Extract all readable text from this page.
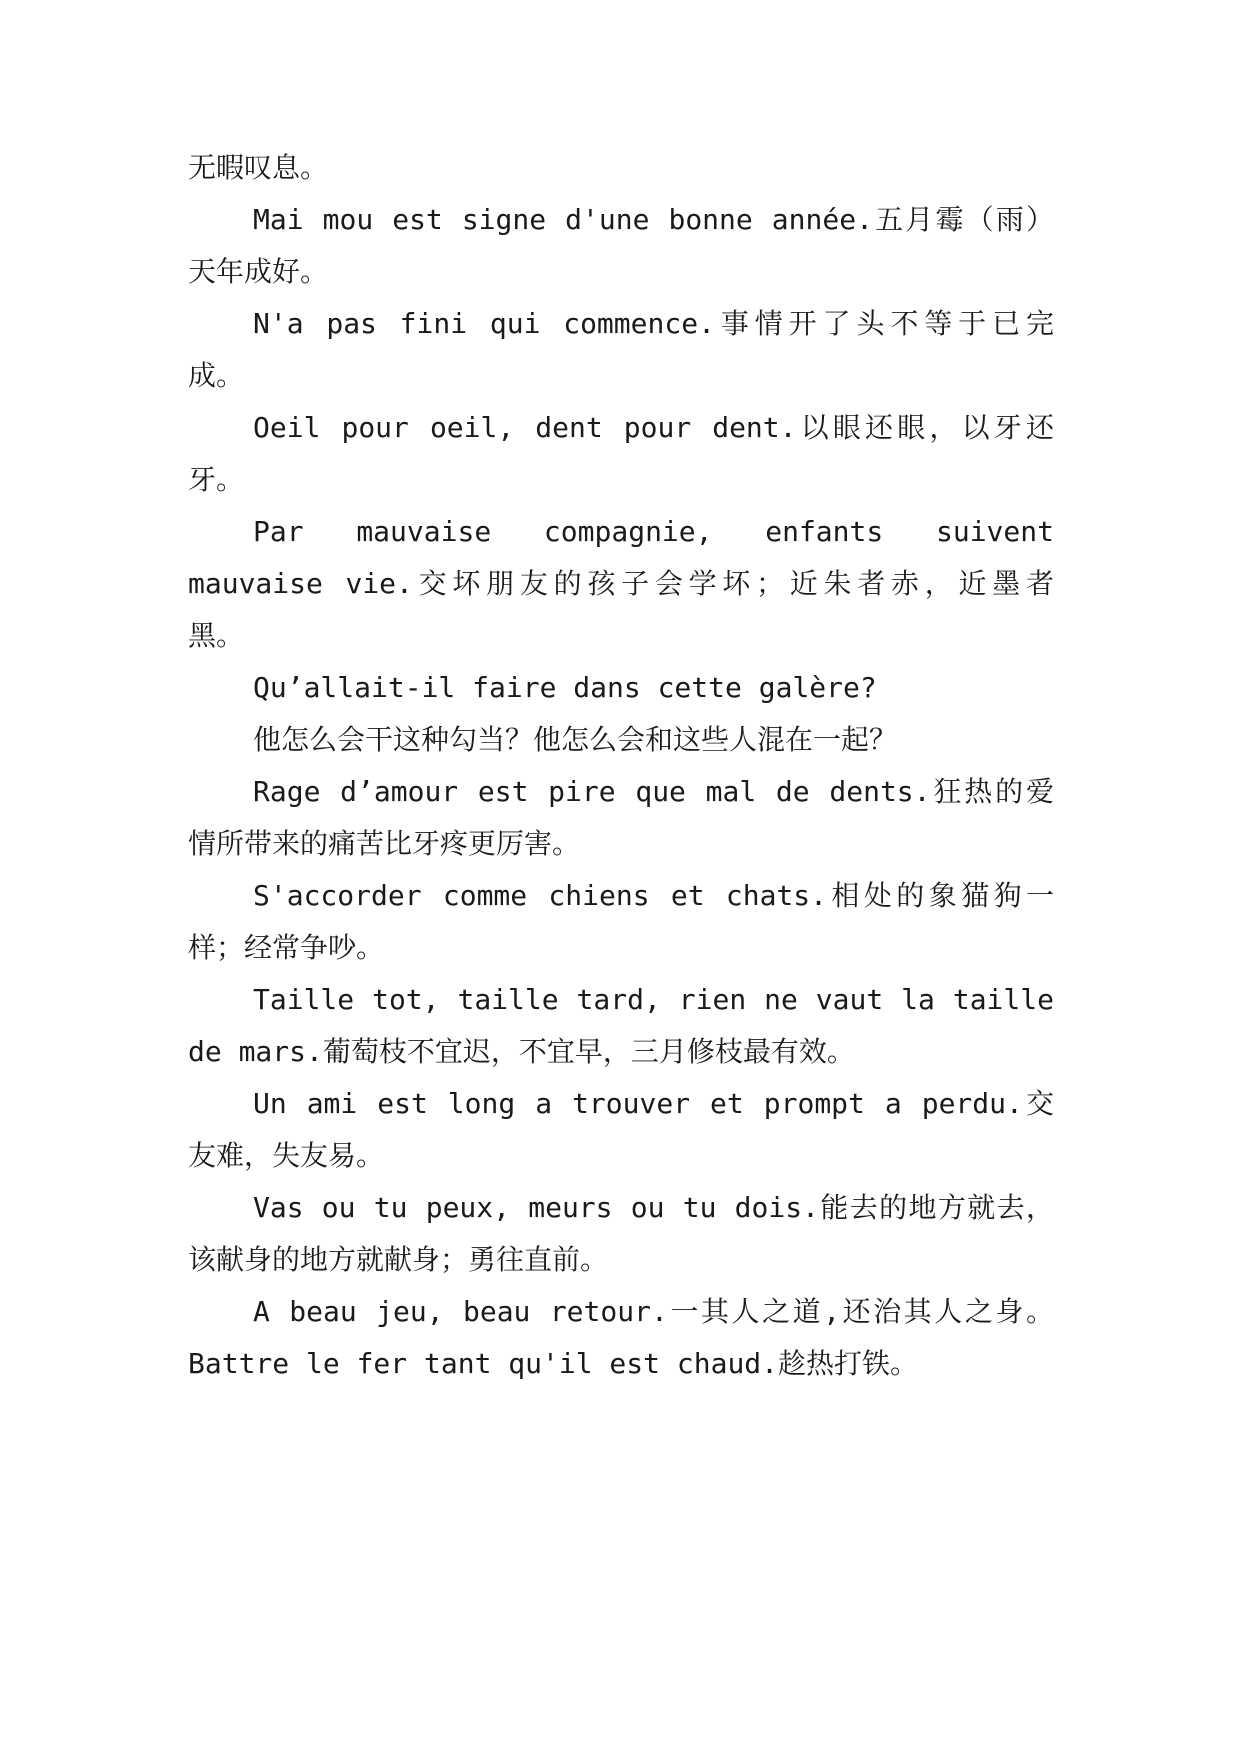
无暇叹息。
Mai mou est signe d'une bonne année.五月霉（雨）
天年成好。
N'a pas fini qui commence.事情开了头不等于已完
成。
Oeil pour oeil, dent pour dent.以眼还眼，以牙还
牙。
Par mauvaise compagnie, enfants suivent
mauvaise vie.交坏朋友的孩子会学坏；近朱者赤，近墨者
黑。
Qu’allait-il faire dans cette galère?
他怎么会干这种勾当？他怎么会和这些人混在一起？
Rage d’amour est pire que mal de dents.狂热的爱
情所带来的痛苦比牙疼更厉害。
S'accorder comme chiens et chats.相处的象猫狗一
样；经常争吵。
Taille tot, taille tard, rien ne vaut la taille
de mars.葡萄枝不宜迟，不宜早，三月修枝最有效。
Un ami est long a trouver et prompt a perdu.交
友难，失友易。
Vas ou tu peux, meurs ou tu dois.能去的地方就去，
该献身的地方就献身；勇往直前。
A beau jeu, beau retour.一其人之道,还治其人之身。
Battre le fer tant qu'il est chaud.趁热打铁。
